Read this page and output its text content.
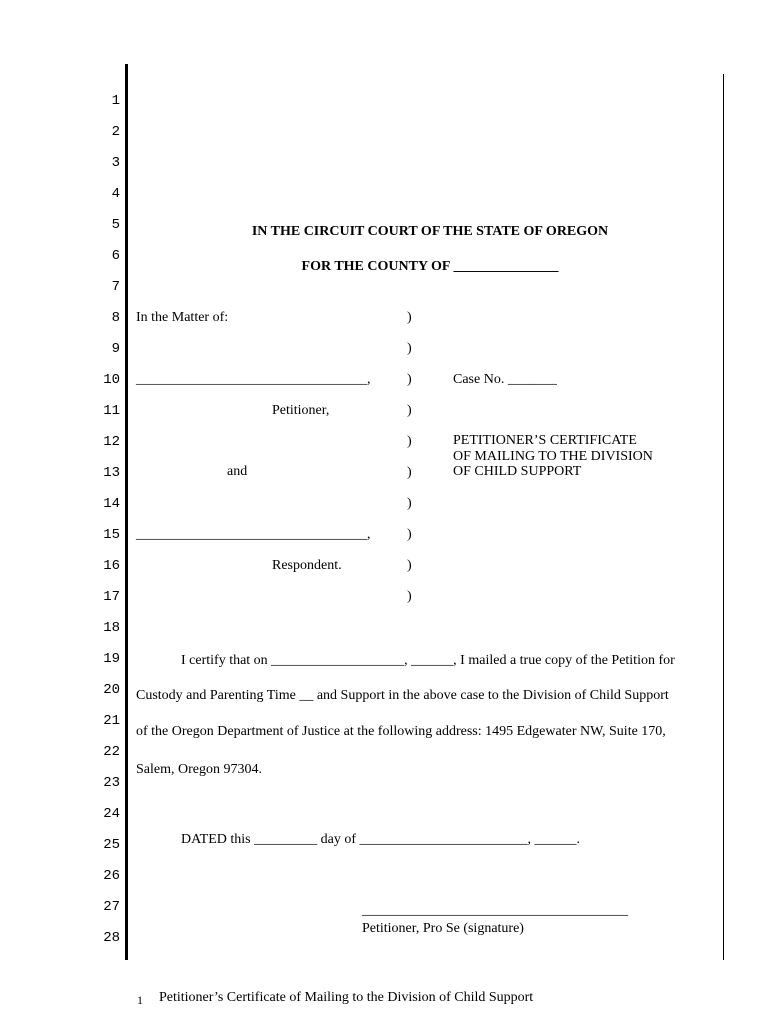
1
2
3
4
5
6
7
8
9
10
11
12
13
14
15
16
17
18
19
20
21
22
23
24
25
26
27
28
IN THE CIRCUIT COURT OF THE STATE OF OREGON
FOR THE COUNTY OF _______________
In the Matter of:
_________________________________,
Petitioner,
and
_________________________________,
Respondent.
)
)
)
)
)
)
)
)
)
)
Case No. _______
PETITIONER’S CERTIFICATE
OF MAILING TO THE DIVISION
OF CHILD SUPPORT
I certify that on ___________________, ______, I mailed a true copy of the Petition for
Custody and Parenting Time __ and Support in the above case to the Division of Child Support
of the Oregon Department of Justice at the following address: 1495 Edgewater NW, Suite 170,
Salem, Oregon 97304.
DATED this _________ day of ________________________, ______.
______________________________________
Petitioner, Pro Se (signature)
1 Petitioner’s Certificate of Mailing to the Division of Child Support
